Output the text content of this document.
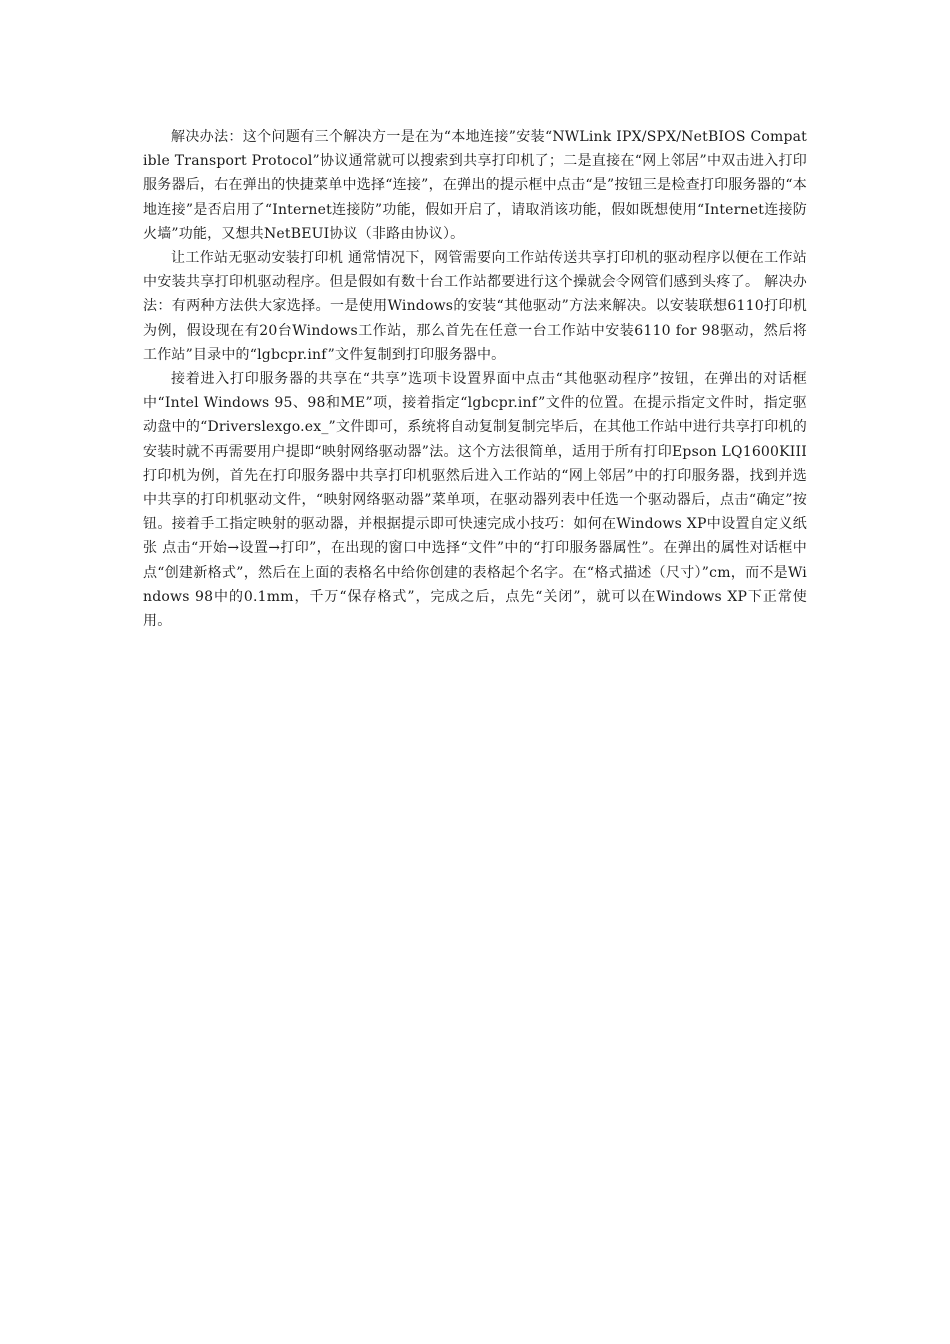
解决办法：这个问题有三个解决方一是在为“本地连接”安装“NWLink IPX/SPX/NetBIOS Compatible Transport Protocol”协议通常就可以搜索到共享打印机了；二是直接在“网上邻居”中双击进入打印服务器后，右在弹出的快捷菜单中选择“连接”，在弹出的提示框中点击“是”按钮三是检查打印服务器的“本地连接”是否启用了“Internet连接防”功能，假如开启了，请取消该功能，假如既想使用“Internet连接防火墙”功能，又想共NetBEUI协议（非路由协议）。

让工作站无驱动安装打印机 通常情况下，网管需要向工作站传送共享打印机的驱动程序以便在工作站中安装共享打印机驱动程序。但是假如有数十台工作站都要进行这个操就会令网管们感到头疼了。 解决办法：有两种方法供大家选择。一是使用Windows的安装“其他驱动”方法来解决。以安装联想6110打印机为例，假设现在有20台Windows工作站，那么首先在任意一台工作站中安装6110 for 98驱动，然后将工作站”目录中的“lgbcpr.inf”文件复制到打印服务器中。

接着进入打印服务器的共享在“共享”选项卡设置界面中点击“其他驱动程序”按钮，在弹出的对话框中“Intel Windows 95、98和ME”项，接着指定“lgbcpr.inf”文件的位置。在提示指定文件时，指定驱动盘中的“Driverslexgo.ex_”文件即可，系统将自动复制复制完毕后，在其他工作站中进行共享打印机的安装时就不再需要用户提即“映射网络驱动器”法。这个方法很简单，适用于所有打印Epson LQ1600KIII打印机为例，首先在打印服务器中共享打印机驱然后进入工作站的“网上邻居”中的打印服务器，找到并选中共享的打印机驱动文件，“映射网络驱动器”菜单项，在驱动器列表中任选一个驱动器后，点击“确定”按钮。接着手工指定映射的驱动器，并根据提示即可快速完成小技巧：如何在Windows XP中设置自定义纸张 点击“开始→设置→打印”，在出现的窗口中选择“文件”中的“打印服务器属性”。在弹出的属性对话框中点“创建新格式”，然后在上面的表格名中给你创建的表格起个名字。在“格式描述（尺寸）”cm，而不是Windows 98中的0.1mm，千万“保存格式”，完成之后，点先“关闭”，就可以在Windows XP下正常使用。
